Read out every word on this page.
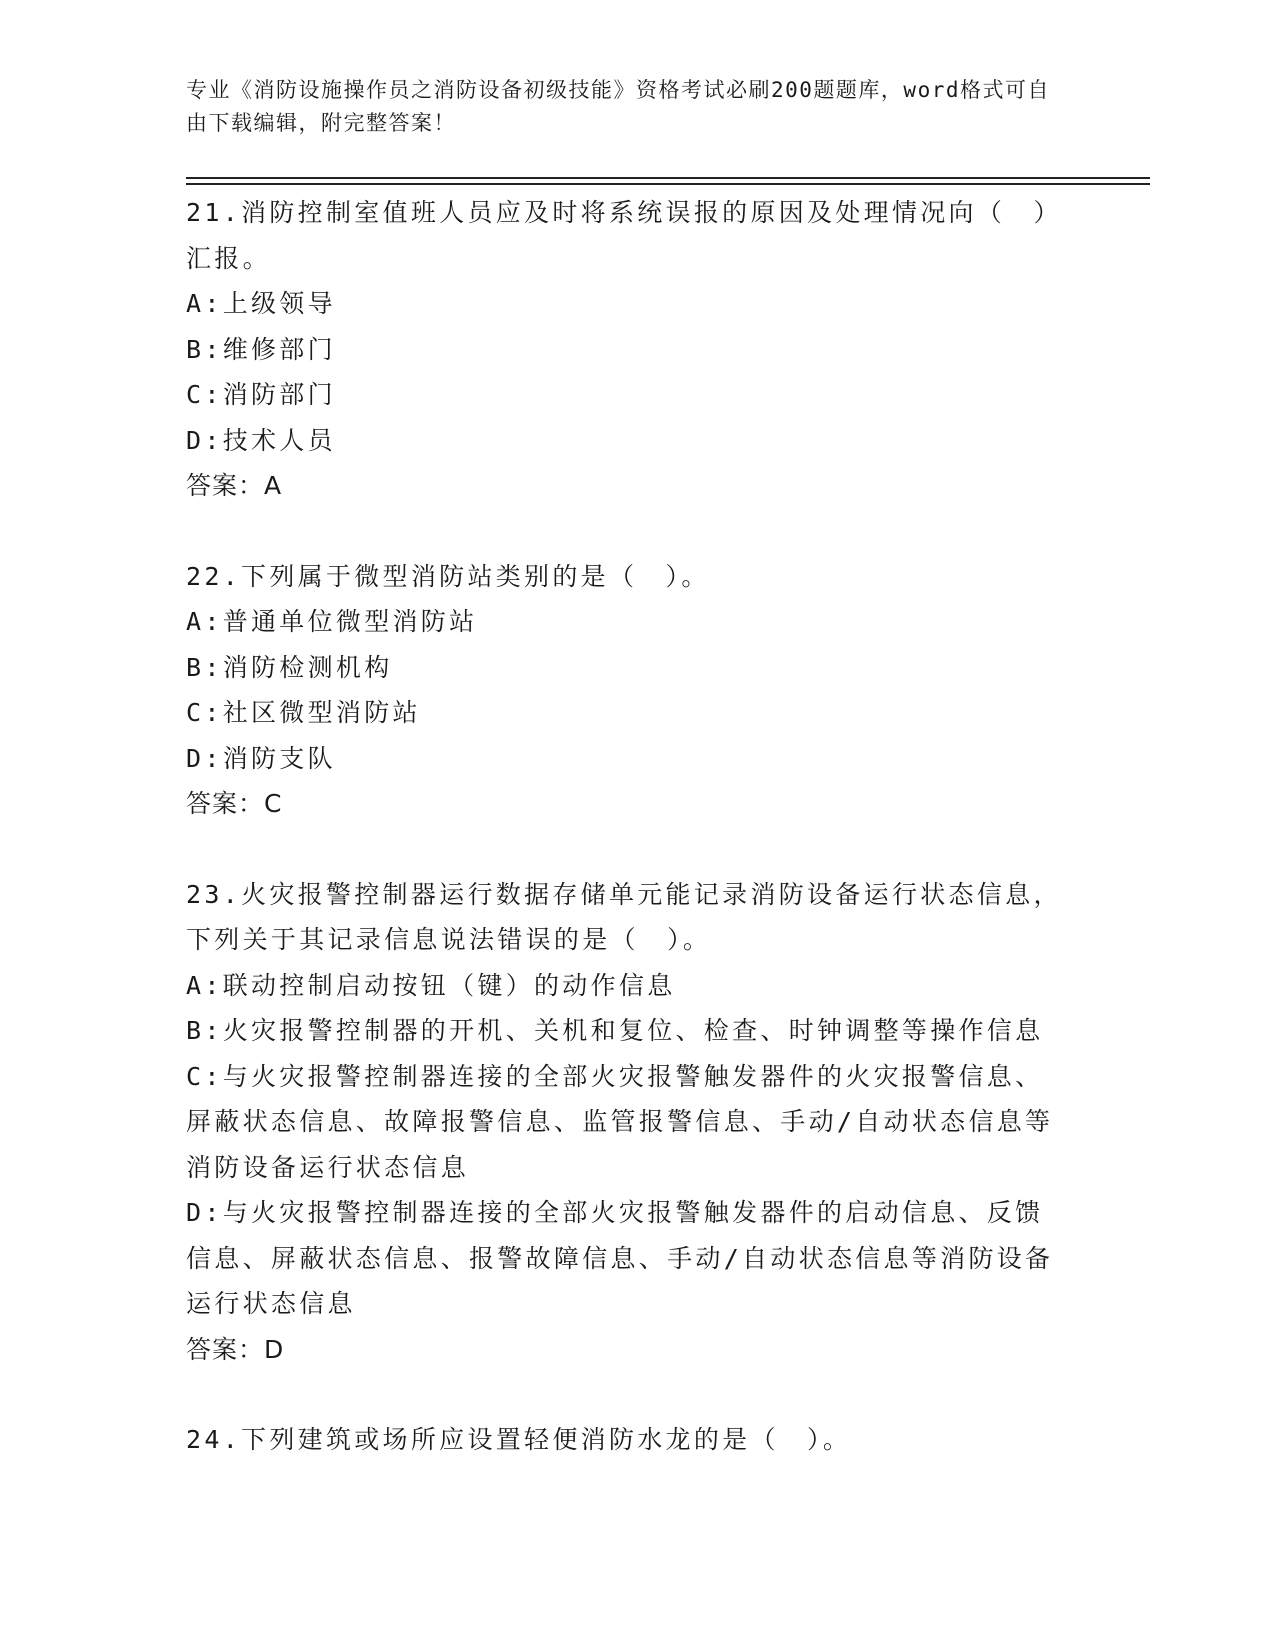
专业《消防设施操作员之消防设备初级技能》资格考试必刷200题题库，word格式可自由下载编辑，附完整答案！
21.消防控制室值班人员应及时将系统误报的原因及处理情况向（　）汇报。
A:上级领导
B:维修部门
C:消防部门
D:技术人员
答案：A
22.下列属于微型消防站类别的是（　）。
A:普通单位微型消防站
B:消防检测机构
C:社区微型消防站
D:消防支队
答案：C
23.火灾报警控制器运行数据存储单元能记录消防设备运行状态信息，下列关于其记录信息说法错误的是（　）。
A:联动控制启动按钮（键）的动作信息
B:火灾报警控制器的开机、关机和复位、检查、时钟调整等操作信息
C:与火灾报警控制器连接的全部火灾报警触发器件的火灾报警信息、屏蔽状态信息、故障报警信息、监管报警信息、手动/自动状态信息等消防设备运行状态信息
D:与火灾报警控制器连接的全部火灾报警触发器件的启动信息、反馈信息、屏蔽状态信息、报警故障信息、手动/自动状态信息等消防设备运行状态信息
答案：D
24.下列建筑或场所应设置轻便消防水龙的是（　）。
